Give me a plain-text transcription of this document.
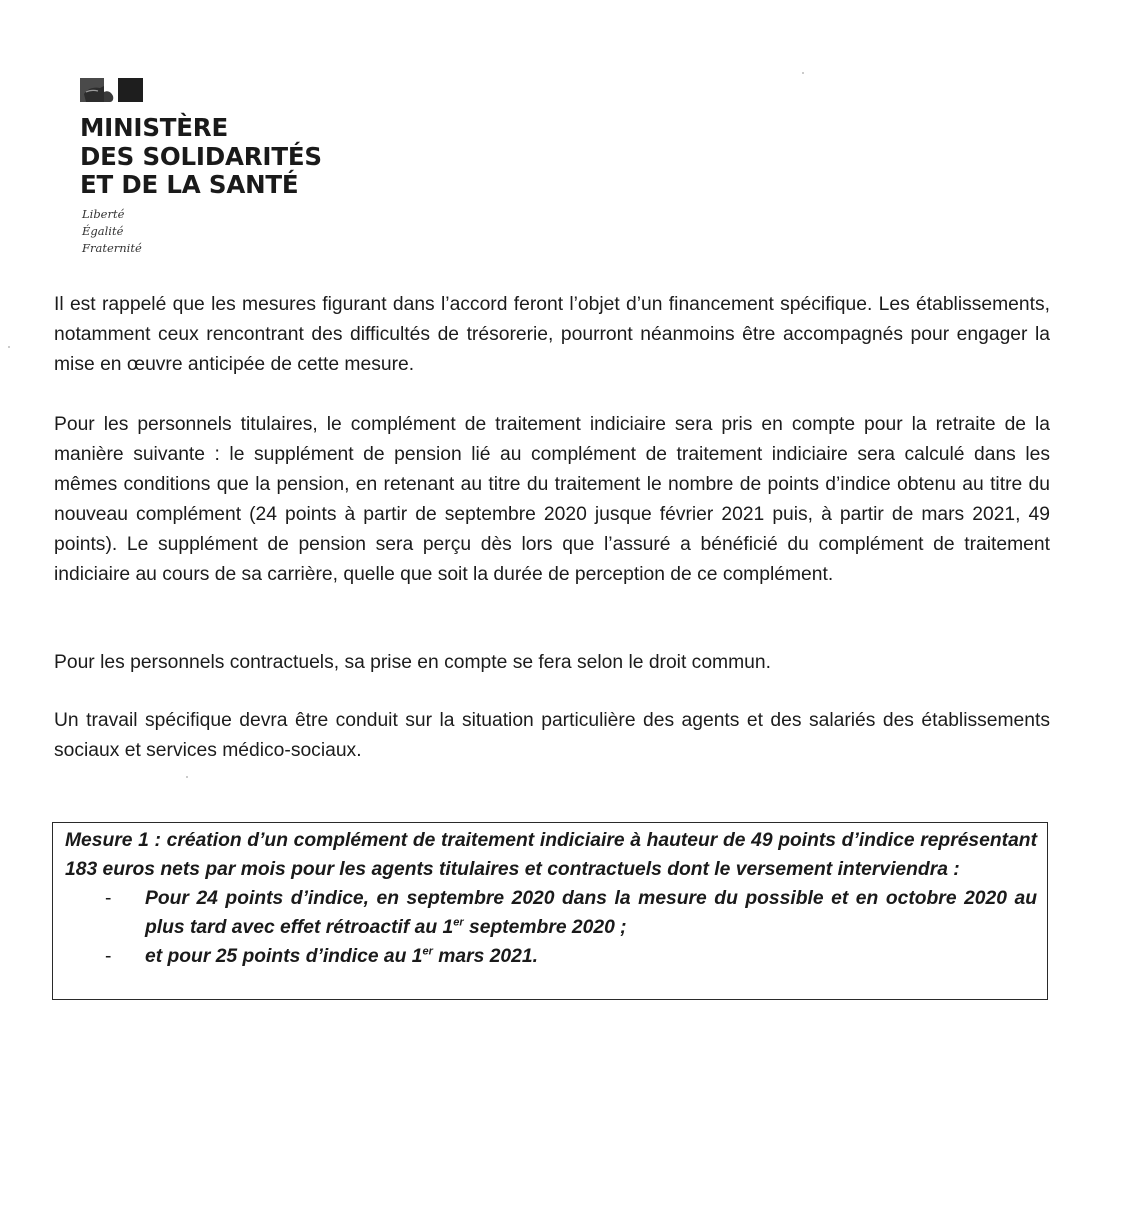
MINISTÈRE
DES SOLIDARITÉS
ET DE LA SANTÉ
Liberté
Égalité
Fraternité

Il est rappelé que les mesures figurant dans l’accord feront l’objet d’un financement spécifique. Les établissements, notamment ceux rencontrant des difficultés de trésorerie, pourront néanmoins être accompagnés pour engager la mise en œuvre anticipée de cette mesure.

Pour les personnels titulaires, le complément de traitement indiciaire sera pris en compte pour la retraite de la manière suivante : le supplément de pension lié au complément de traitement indiciaire sera calculé dans les mêmes conditions que la pension, en retenant au titre du traitement le nombre de points d’indice obtenu au titre du nouveau complément (24 points à partir de septembre 2020 jusque février 2021 puis, à partir de mars 2021, 49 points). Le supplément de pension sera perçu dès lors que l’assuré a bénéficié du complément de traitement indiciaire au cours de sa carrière, quelle que soit la durée de perception de ce complément.

Pour les personnels contractuels, sa prise en compte se fera selon le droit commun.

Un travail spécifique devra être conduit sur la situation particulière des agents et des salariés des établissements sociaux et services médico-sociaux.

Mesure 1 : création d’un complément de traitement indiciaire à hauteur de 49 points d’indice représentant 183 euros nets par mois pour les agents titulaires et contractuels dont le versement interviendra :
- Pour 24 points d’indice, en septembre 2020 dans la mesure du possible et en octobre 2020 au plus tard avec effet rétroactif au 1er septembre 2020 ;
- et pour 25 points d’indice au 1er mars 2021.
